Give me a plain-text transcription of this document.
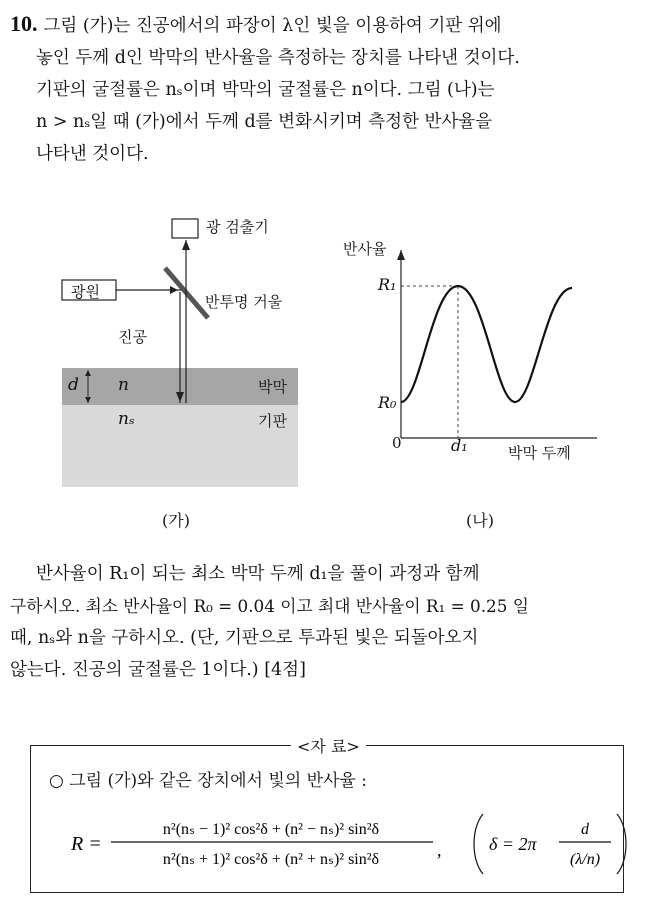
10. 그림 (가)는 진공에서의 파장이 λ인 빛을 이용하여 기판 위에
놓인 두께 d인 박막의 반사율을 측정하는 장치를 나타낸 것이다.
기판의 굴절률은 nₛ이며 박막의 굴절률은 n이다. 그림 (나)는
n > nₛ일 때 (가)에서 두께 d를 변화시키며 측정한 반사율을
나타낸 것이다.
광 검출기
광원
반투명 거울
진공
d n	박막
nₛ	기판
(가)
반사율
R₁
R₀
0	d₁	박막 두께
(나)
반사율이 R₁이 되는 최소 박막 두께 d₁을 풀이 과정과 함께
구하시오. 최소 반사율이 R₀ = 0.04 이고 최대 반사율이 R₁ = 0.25 일
때, nₛ와 n을 구하시오. (단, 기판으로 투과된 빛은 되돌아오지
않는다. 진공의 굴절률은 1이다.) [4점]
<자 료>
○ 그림 (가)와 같은 장치에서 빛의 반사율 :
R =
n²(nₛ − 1)² cos²δ + (n² − nₛ)² sin²δ
n²(nₛ + 1)² cos²δ + (n² + nₛ)² sin²δ	,	δ = 2π
d
(λ/n)
